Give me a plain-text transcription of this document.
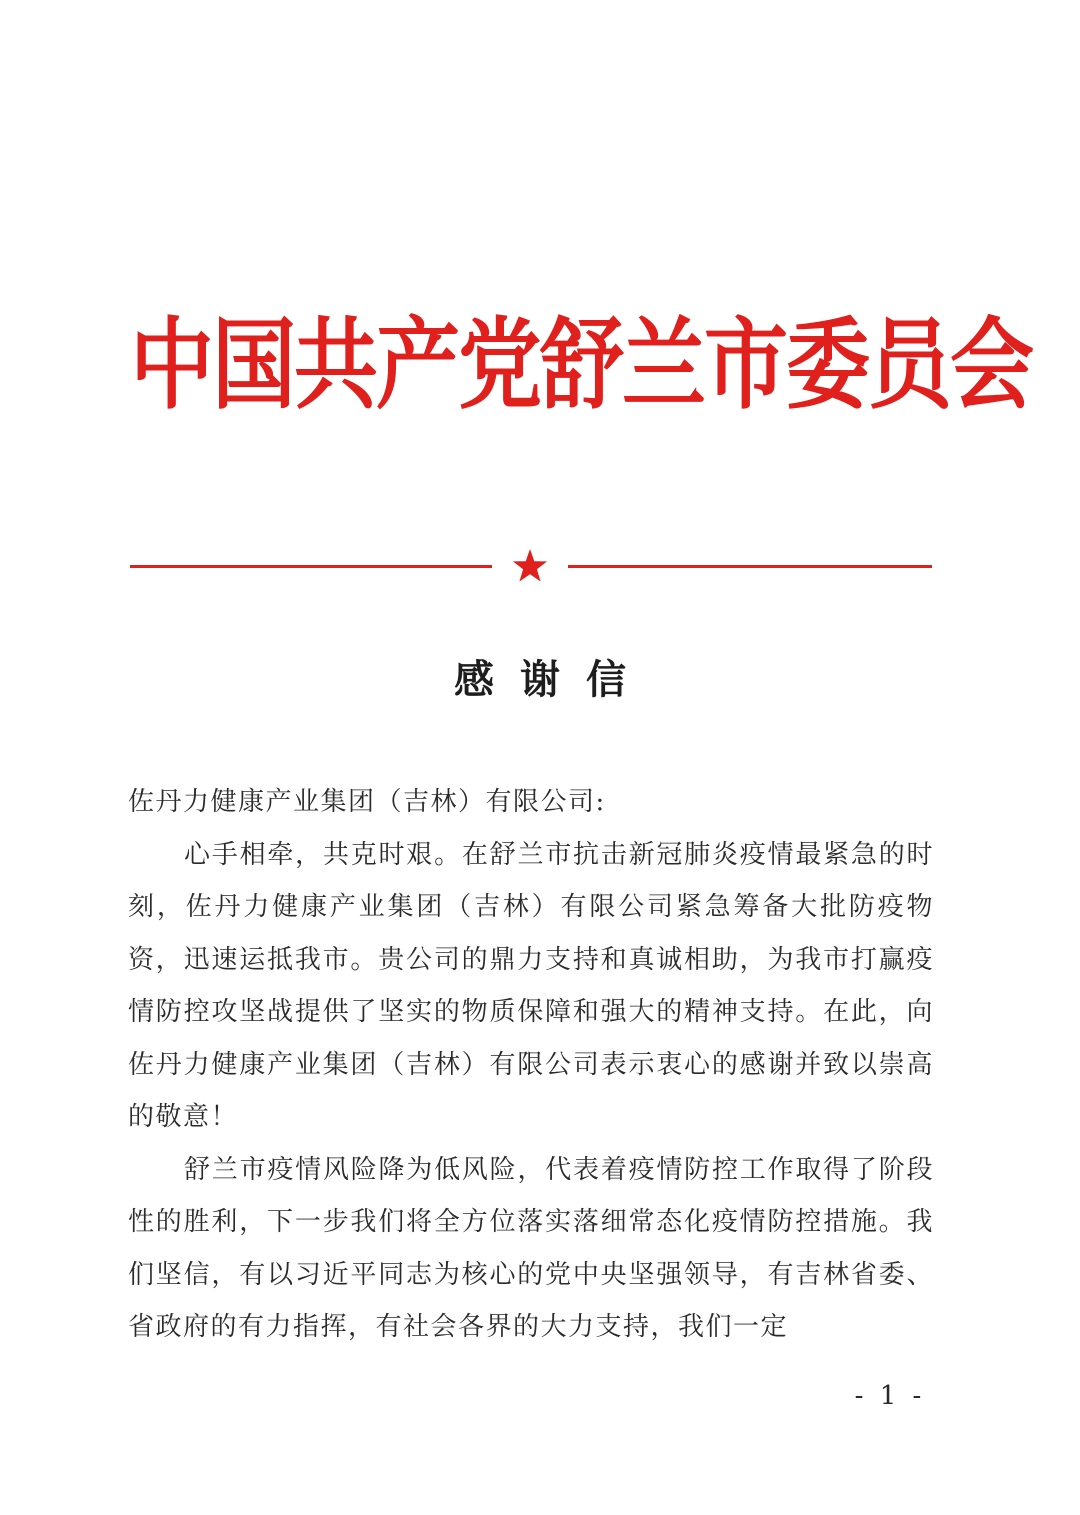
中国共产党舒兰市委员会
感谢信

佐丹力健康产业集团（吉林）有限公司:

心手相牵，共克时艰。在舒兰市抗击新冠肺炎疫情最紧急的时刻，佐丹力健康产业集团（吉林）有限公司紧急筹备大批防疫物资，迅速运抵我市。贵公司的鼎力支持和真诚相助，为我市打赢疫情防控攻坚战提供了坚实的物质保障和强大的精神支持。在此，向佐丹力健康产业集团（吉林）有限公司表示衷心的感谢并致以崇高的敬意！

舒兰市疫情风险降为低风险，代表着疫情防控工作取得了阶段性的胜利，下一步我们将全方位落实落细常态化疫情防控措施。我们坚信，有以习近平同志为核心的党中央坚强领导，有吉林省委、省政府的有力指挥，有社会各界的大力支持，我们一定

- 1 -
